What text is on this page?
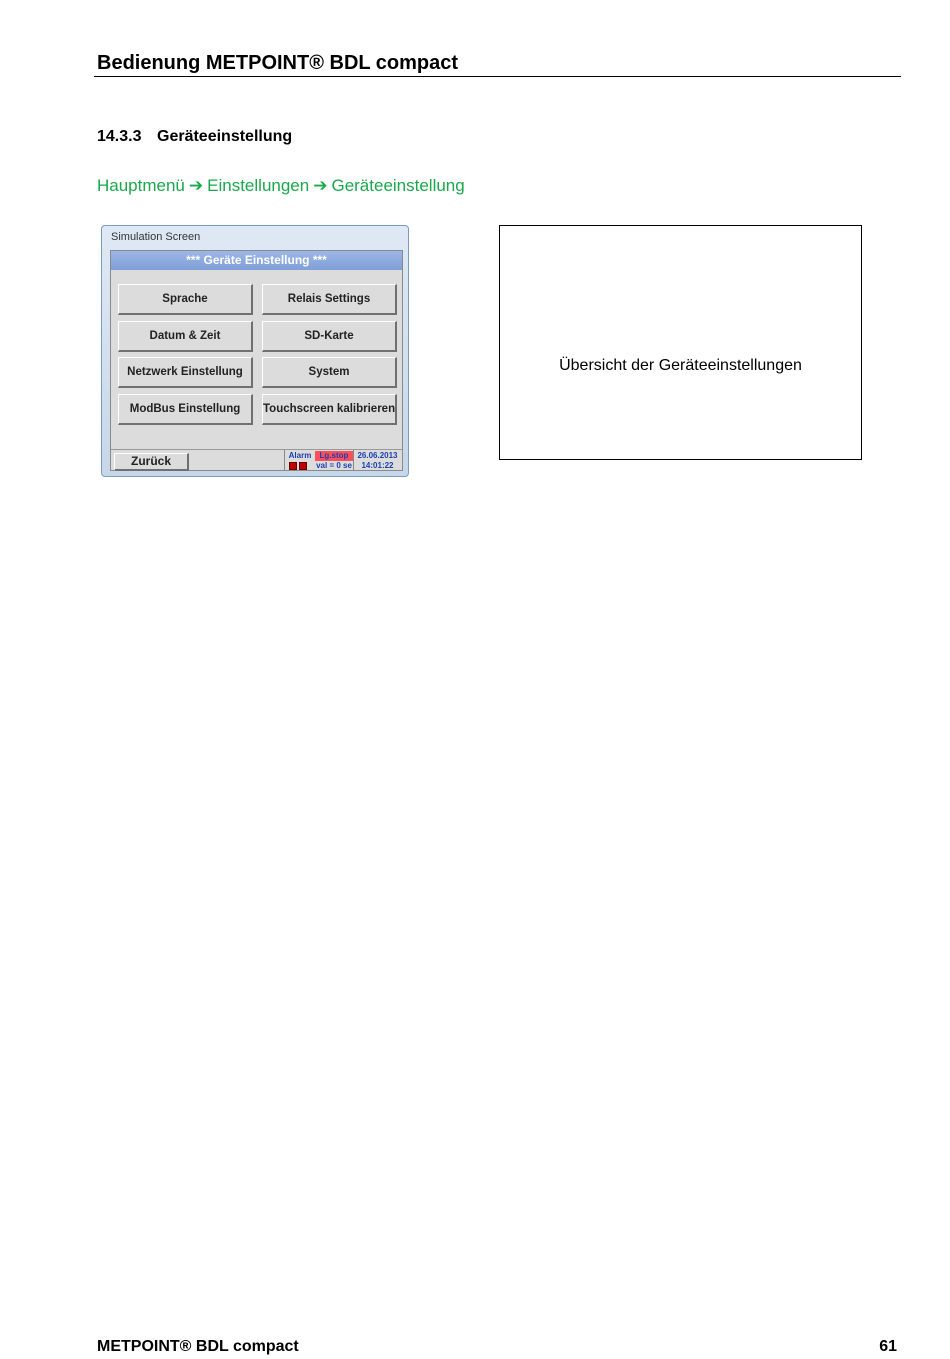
Bedienung METPOINT® BDL compact
14.3.3 Geräteeinstellung
Hauptmenü ➔ Einstellungen ➔ Geräteeinstellung
Simulation Screen
*** Geräte Einstellung ***
Sprache	Relais Settings
Datum & Zeit	SD-Karte
Netzwerk Einstellung	System
ModBus Einstellung	Touchscreen kalibrieren
Zurück	Alarm	Lg.stop
val = 0 se
26.06.2013
14:01:22
Übersicht der Geräteeinstellungen
METPOINT® BDL compact	61
